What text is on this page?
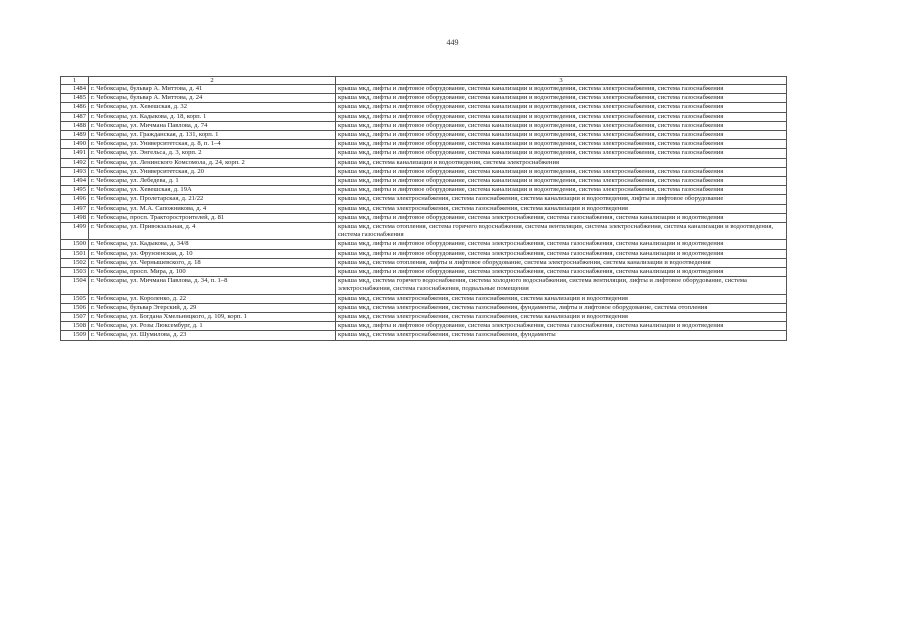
449
1	2	3
1484	г. Чебоксары, бульвар А. Миттова, д. 41	крыша мкд, лифты и лифтовое оборудование, система канализации и водоотведения, система электроснабжения, система газоснабжения
1485	г. Чебоксары, бульвар А. Миттова, д. 24	крыша мкд, лифты и лифтовое оборудование, система канализации и водоотведения, система электроснабжения, система газоснабжения
1486	г. Чебоксары, ул. Хевешская, д. 32	крыша мкд, лифты и лифтовое оборудование, система канализации и водоотведения, система электроснабжения, система газоснабжения
1487	г. Чебоксары, ул. Кадыкова, д. 18, корп. 1	крыша мкд, лифты и лифтовое оборудование, система канализации и водоотведения, система электроснабжения, система газоснабжения
1488	г. Чебоксары, ул. Мичмана Павлова, д. 74	крыша мкд, лифты и лифтовое оборудование, система канализации и водоотведения, система электроснабжения, система газоснабжения
1489	г. Чебоксары, ул. Гражданская, д. 131, корп. 1	крыша мкд, лифты и лифтовое оборудование, система канализации и водоотведения, система электроснабжения, система газоснабжения
1490	г. Чебоксары, ул. Университетская, д. 8, п. 1–4	крыша мкд, лифты и лифтовое оборудование, система канализации и водоотведения, система электроснабжения, система газоснабжения
1491	г. Чебоксары, ул. Энгельса, д. 3, корп. 2	крыша мкд, лифты и лифтовое оборудование, система канализации и водоотведения, система электроснабжения, система газоснабжения
1492	г. Чебоксары, ул. Ленинского Комсомола, д. 24, корп. 2	крыша мкд, система канализации и водоотведения, система электроснабжения
1493	г. Чебоксары, ул. Университетская, д. 20	крыша мкд, лифты и лифтовое оборудование, система канализации и водоотведения, система электроснабжения, система газоснабжения
1494	г. Чебоксары, ул. Лебедева, д. 1	крыша мкд, лифты и лифтовое оборудование, система канализации и водоотведения, система электроснабжения, система газоснабжения
1495	г. Чебоксары, ул. Хевешская, д. 19А	крыша мкд, лифты и лифтовое оборудование, система канализации и водоотведения, система электроснабжения, система газоснабжения
1496	г. Чебоксары, ул. Пролетарская, д. 21/22	крыша мкд, система электроснабжения, система газоснабжения, система канализации и водоотведения, лифты и лифтовое оборудование
1497	г. Чебоксары, ул. М.А. Сапожникова, д. 4	крыша мкд, система электроснабжения, система газоснабжения, система канализации и водоотведения
1498	г. Чебоксары, просп. Тракторостроителей, д. 81	крыша мкд, лифты и лифтовое оборудование, система электроснабжения, система газоснабжения, система канализации и водоотведения
1499	г. Чебоксары, ул. Привокзальная, д. 4	крыша мкд, система отопления, система горячего водоснабжения, система вентиляции, система электроснабжения, система канализации и водоотведения, система газоснабжения
1500	г. Чебоксары, ул. Кадыкова, д. 34/8	крыша мкд, лифты и лифтовое оборудование, система электроснабжения, система газоснабжения, система канализации и водоотведения
1501	г. Чебоксары, ул. Фрунзенская, д. 10	крыша мкд, лифты и лифтовое оборудование, система электроснабжения, система газоснабжения, система канализации и водоотведения
1502	г. Чебоксары, ул. Чернышевского, д. 18	крыша мкд, система отопления, лифты и лифтовое оборудование, система электроснабжения, система канализации и водоотведения
1503	г. Чебоксары, просп. Мира, д. 100	крыша мкд, лифты и лифтовое оборудование, система электроснабжения, система газоснабжения, система канализации и водоотведения
1504	г. Чебоксары, ул. Мичмана Павлова, д. 34, п. 1–8	крыша мкд, система горячего водоснабжения, система холодного водоснабжения, система вентиляции, лифты и лифтовое оборудование, система электроснабжения, система газоснабжения, подвальные помещения
1505	г. Чебоксары, ул. Короленко, д. 22	крыша мкд, система электроснабжения, система газоснабжения, система канализации и водоотведения
1506	г. Чебоксары, бульвар Эгерский, д. 29	крыша мкд, система электроснабжения, система газоснабжения, фундаменты, лифты и лифтовое оборудование, система отопления
1507	г. Чебоксары, ул. Богдана Хмельницкого, д. 109, корп. 1	крыша мкд, система электроснабжения, система газоснабжения, система канализации и водоотведения
1508	г. Чебоксары, ул. Розы Люксембург, д. 1	крыша мкд, лифты и лифтовое оборудование, система электроснабжения, система газоснабжения, система канализации и водоотведения
1509	г. Чебоксары, ул. Шумилова, д. 23	крыша мкд, система электроснабжения, система газоснабжения, фундаменты
